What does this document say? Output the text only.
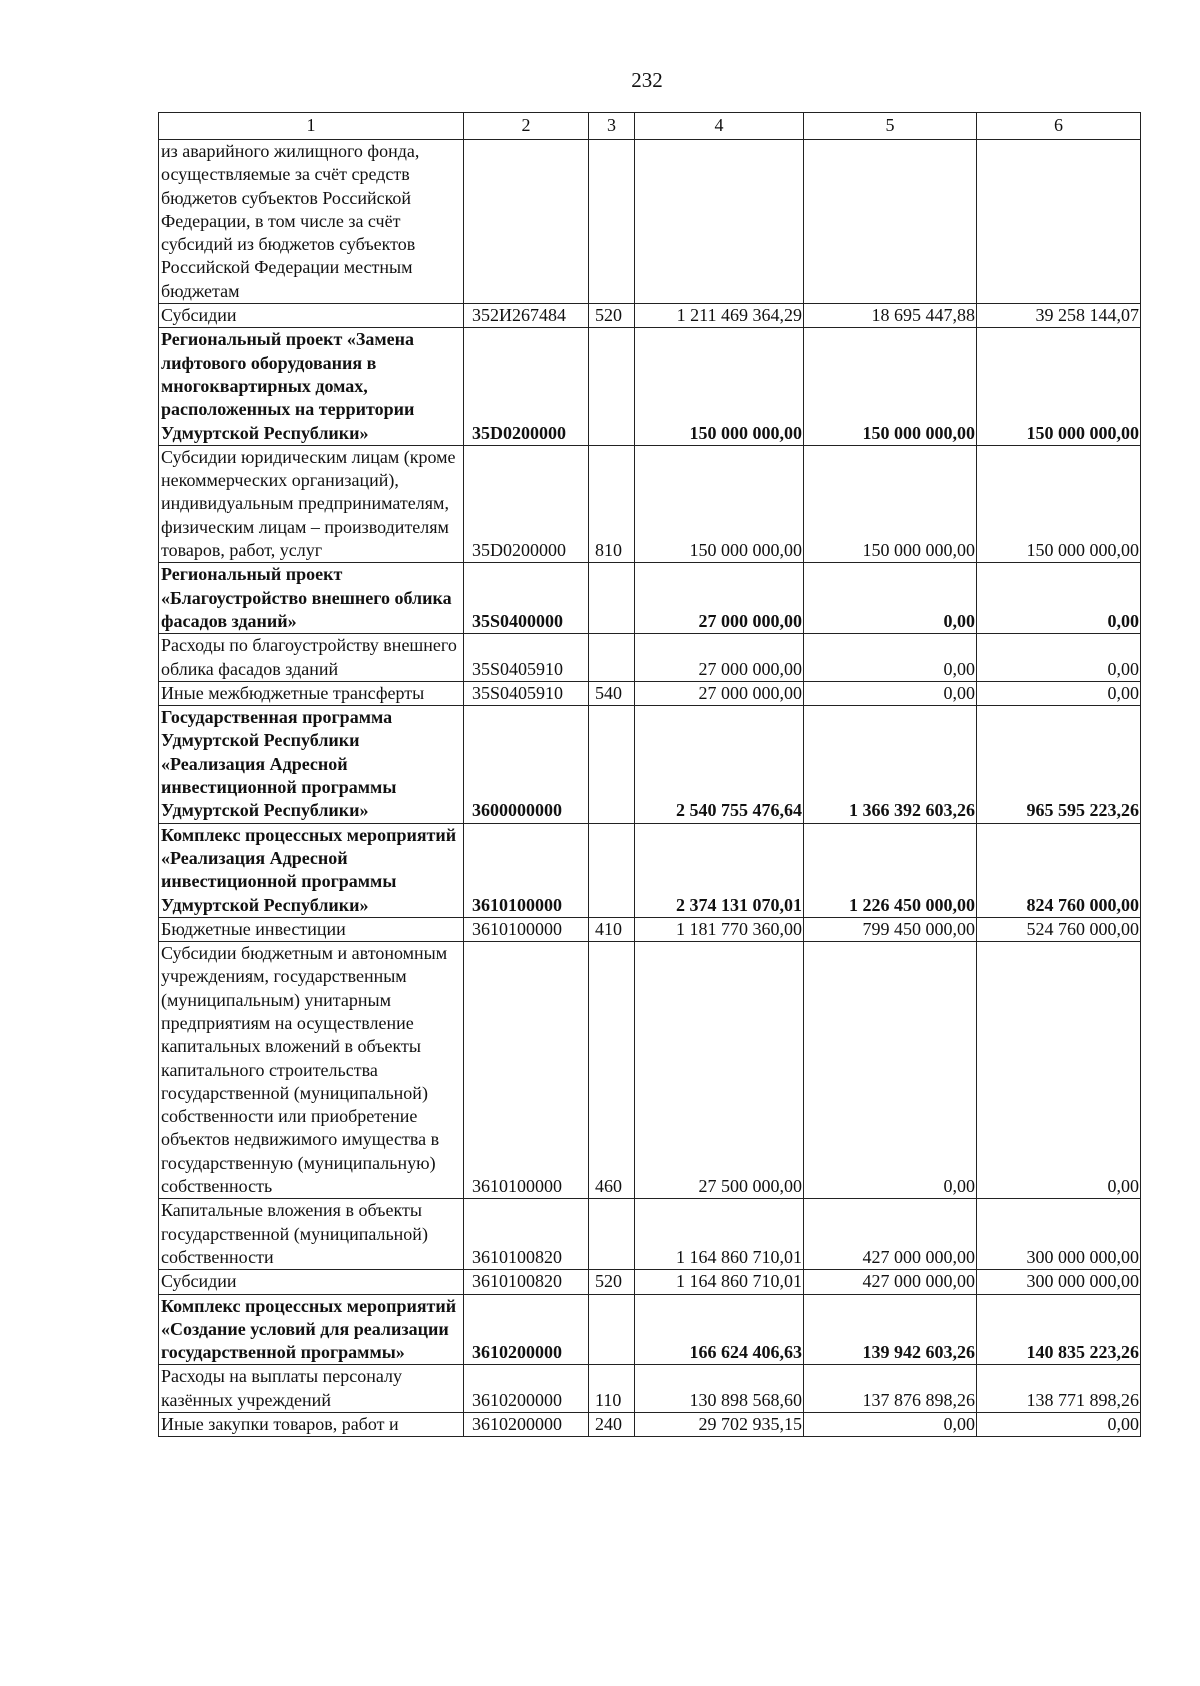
232
1	2	3	4	5	6
из аварийного жилищного фонда, осуществляемые за счёт средств бюджетов субъектов Российской Федерации, в том числе за счёт субсидий из бюджетов субъектов Российской Федерации местным бюджетам					
Субсидии	352И267484	520	1 211 469 364,29	18 695 447,88	39 258 144,07
Региональный проект «Замена лифтового оборудования в многоквартирных домах, расположенных на территории Удмуртской Республики»	35D0200000		150 000 000,00	150 000 000,00	150 000 000,00
Субсидии юридическим лицам (кроме некоммерческих организаций), индивидуальным предпринимателям, физическим лицам – производителям товаров, работ, услуг	35D0200000	810	150 000 000,00	150 000 000,00	150 000 000,00
Региональный проект «Благоустройство внешнего облика фасадов зданий»	35S0400000		27 000 000,00	0,00	0,00
Расходы по благоустройству внешнего облика фасадов зданий	35S0405910		27 000 000,00	0,00	0,00
Иные межбюджетные трансферты	35S0405910	540	27 000 000,00	0,00	0,00
Государственная программа Удмуртской Республики «Реализация Адресной инвестиционной программы Удмуртской Республики»	3600000000		2 540 755 476,64	1 366 392 603,26	965 595 223,26
Комплекс процессных мероприятий «Реализация Адресной инвестиционной программы Удмуртской Республики»	3610100000		2 374 131 070,01	1 226 450 000,00	824 760 000,00
Бюджетные инвестиции	3610100000	410	1 181 770 360,00	799 450 000,00	524 760 000,00
Субсидии бюджетным и автономным учреждениям, государственным (муниципальным) унитарным предприятиям на осуществление капитальных вложений в объекты капитального строительства государственной (муниципальной) собственности или приобретение объектов недвижимого имущества в государственную (муниципальную) собственность	3610100000	460	27 500 000,00	0,00	0,00
Капитальные вложения в объекты государственной (муниципальной) собственности	3610100820		1 164 860 710,01	427 000 000,00	300 000 000,00
Субсидии	3610100820	520	1 164 860 710,01	427 000 000,00	300 000 000,00
Комплекс процессных мероприятий «Создание условий для реализации государственной программы»	3610200000		166 624 406,63	139 942 603,26	140 835 223,26
Расходы на выплаты персоналу казённых учреждений	3610200000	110	130 898 568,60	137 876 898,26	138 771 898,26
Иные закупки товаров, работ и	3610200000	240	29 702 935,15	0,00	0,00
